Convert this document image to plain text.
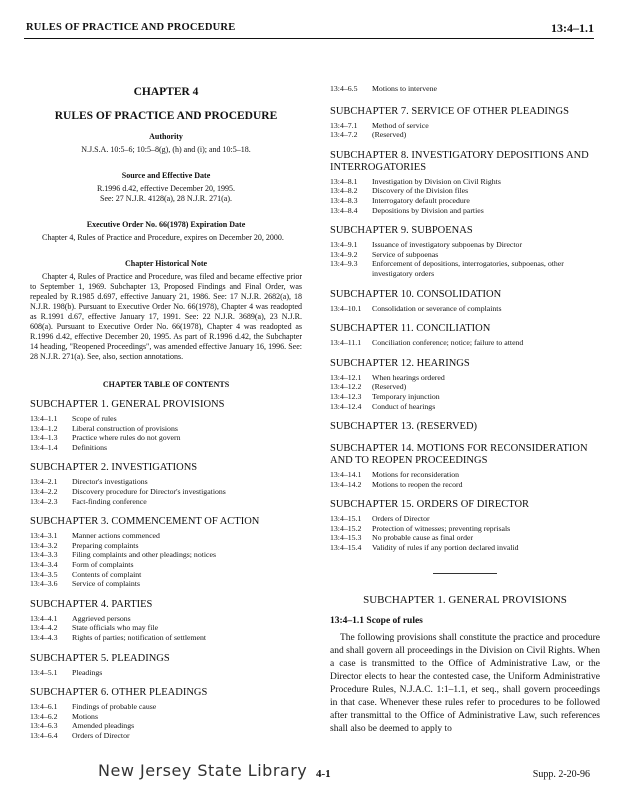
RULES OF PRACTICE AND PROCEDURE	13:4–1.1
CHAPTER 4
RULES OF PRACTICE AND PROCEDURE
Authority
N.J.S.A. 10:5–6; 10:5–8(g), (h) and (i); and 10:5–18.
Source and Effective Date
R.1996 d.42, effective December 20, 1995.
See: 27 N.J.R. 4128(a), 28 N.J.R. 271(a).
Executive Order No. 66(1978) Expiration Date
Chapter 4, Rules of Practice and Procedure, expires on December 20, 2000.
Chapter Historical Note
Chapter 4, Rules of Practice and Procedure, was filed and became effective prior to September 1, 1969. Subchapter 13, Proposed Findings and Final Order, was repealed by R.1985 d.697, effective January 21, 1986. See: 17 N.J.R. 2682(a), 18 N.J.R. 198(b). Pursuant to Executive Order No. 66(1978), Chapter 4 was readopted as R.1991 d.67, effective January 17, 1991. See: 22 N.J.R. 3689(a), 23 N.J.R. 608(a). Pursuant to Executive Order No. 66(1978), Chapter 4 was readopted as R.1996 d.42, effective December 20, 1995. As part of R.1996 d.42, the Subchapter 14 heading, "Reopened Proceedings", was amended effective January 16, 1996. See: 28 N.J.R. 271(a). See, also, section annotations.
CHAPTER TABLE OF CONTENTS
SUBCHAPTER 1. GENERAL PROVISIONS
13:4–1.1	Scope of rules
13:4–1.2	Liberal construction of provisions
13:4–1.3	Practice where rules do not govern
13:4–1.4	Definitions
SUBCHAPTER 2. INVESTIGATIONS
13:4–2.1	Director's investigations
13:4–2.2	Discovery procedure for Director's investigations
13:4–2.3	Fact-finding conference
SUBCHAPTER 3. COMMENCEMENT OF ACTION
13:4–3.1	Manner actions commenced
13:4–3.2	Preparing complaints
13:4–3.3	Filing complaints and other pleadings; notices
13:4–3.4	Form of complaints
13:4–3.5	Contents of complaint
13:4–3.6	Service of complaints
SUBCHAPTER 4. PARTIES
13:4–4.1	Aggrieved persons
13:4–4.2	State officials who may file
13:4–4.3	Rights of parties; notification of settlement
SUBCHAPTER 5. PLEADINGS
13:4–5.1	Pleadings
SUBCHAPTER 6. OTHER PLEADINGS
13:4–6.1	Findings of probable cause
13:4–6.2	Motions
13:4–6.3	Amended pleadings
13:4–6.4	Orders of Director
13:4–6.5	Motions to intervene
SUBCHAPTER 7. SERVICE OF OTHER PLEADINGS
13:4–7.1	Method of service
13:4–7.2	(Reserved)
SUBCHAPTER 8. INVESTIGATORY DEPOSITIONS AND INTERROGATORIES
13:4–8.1	Investigation by Division on Civil Rights
13:4–8.2	Discovery of the Division files
13:4–8.3	Interrogatory default procedure
13:4–8.4	Depositions by Division and parties
SUBCHAPTER 9. SUBPOENAS
13:4–9.1	Issuance of investigatory subpoenas by Director
13:4–9.2	Service of subpoenas
13:4–9.3	Enforcement of depositions, interrogatories, subpoenas, other investigatory orders
SUBCHAPTER 10. CONSOLIDATION
13:4–10.1	Consolidation or severance of complaints
SUBCHAPTER 11. CONCILIATION
13:4–11.1	Conciliation conference; notice; failure to attend
SUBCHAPTER 12. HEARINGS
13:4–12.1	When hearings ordered
13:4–12.2	(Reserved)
13:4–12.3	Temporary injunction
13:4–12.4	Conduct of hearings
SUBCHAPTER 13. (RESERVED)
SUBCHAPTER 14. MOTIONS FOR RECONSIDERATION AND TO REOPEN PROCEEDINGS
13:4–14.1	Motions for reconsideration
13:4–14.2	Motions to reopen the record
SUBCHAPTER 15. ORDERS OF DIRECTOR
13:4–15.1	Orders of Director
13:4–15.2	Protection of witnesses; preventing reprisals
13:4–15.3	No probable cause as final order
13:4–15.4	Validity of rules if any portion declared invalid
SUBCHAPTER 1. GENERAL PROVISIONS
13:4–1.1 Scope of rules
The following provisions shall constitute the practice and procedure and shall govern all proceedings in the Division on Civil Rights. When a case is transmitted to the Office of Administrative Law, or the Director elects to hear the contested case, the Uniform Administrative Procedure Rules, N.J.A.C. 1:1–1.1, et seq., shall govern proceedings in that case. Whenever these rules refer to procedures to be followed after transmittal to the Office of Administrative Law, such references shall also be deemed to apply to
New Jersey State Library 4-1	Supp. 2-20-96
